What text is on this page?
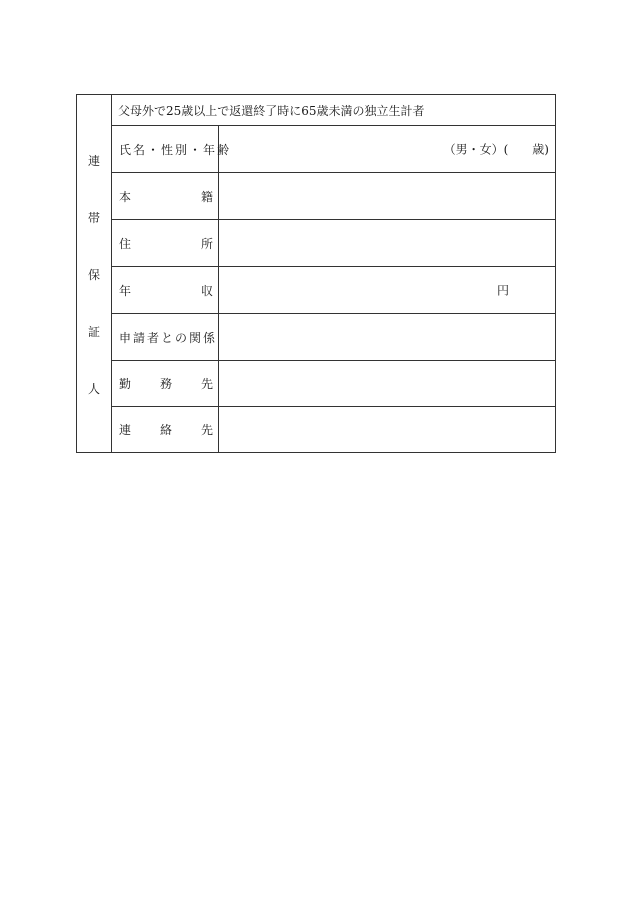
連
帯
保
証
人	父母外で25歳以上で返還終了時に65歳未満の独立生計者	
	氏名・性別・年齢	（男・女）(　　歳)

	本 籍	

	住 所	

	年 収	円

	申請者との関係	

	勤 務 先	

	連 絡 先	
